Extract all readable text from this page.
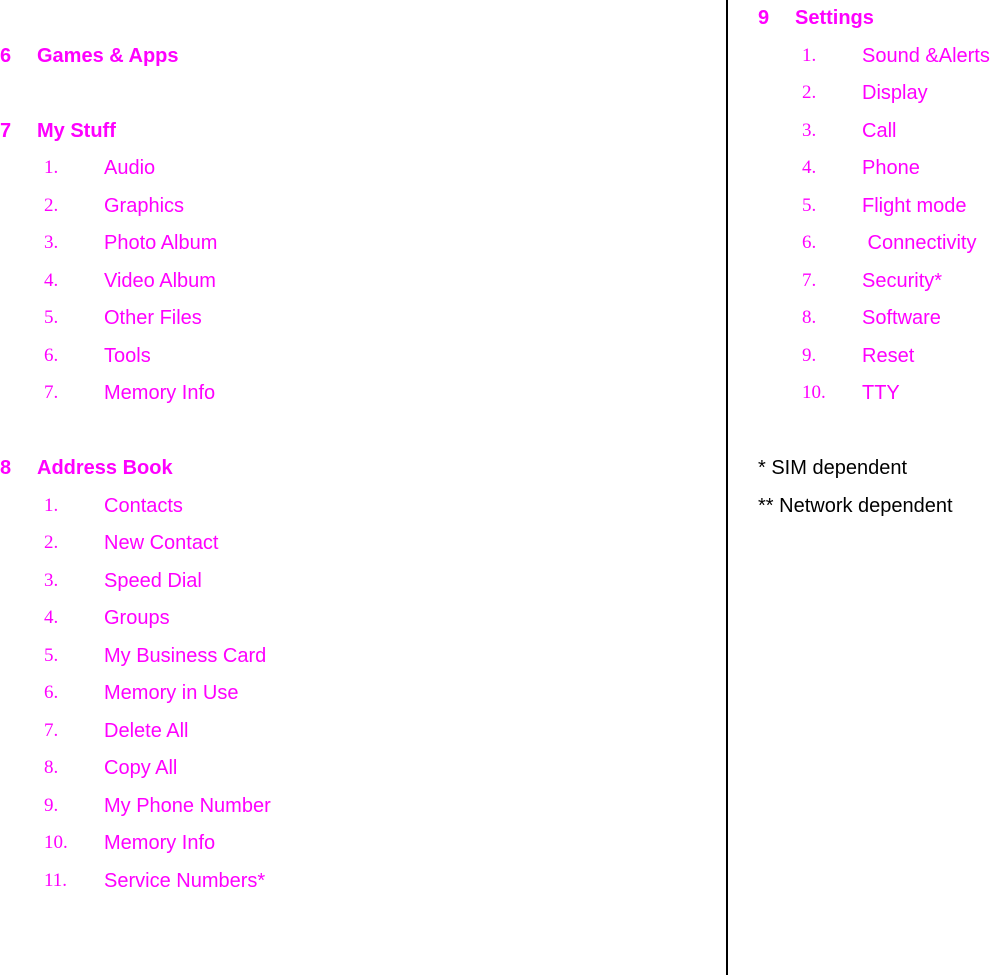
6 Games & Apps
7 My Stuff
1. Audio
2. Graphics
3. Photo Album
4. Video Album
5. Other Files
6. Tools
7. Memory Info
8 Address Book
1. Contacts
2. New Contact
3. Speed Dial
4. Groups
5. My Business Card
6. Memory in Use
7. Delete All
8. Copy All
9. My Phone Number
10. Memory Info
11. Service Numbers*
9 Settings
1. Sound &Alerts
2. Display
3. Call
4. Phone
5. Flight mode
6. Connectivity
7. Security*
8. Software
9. Reset
10. TTY
* SIM dependent
** Network dependent
